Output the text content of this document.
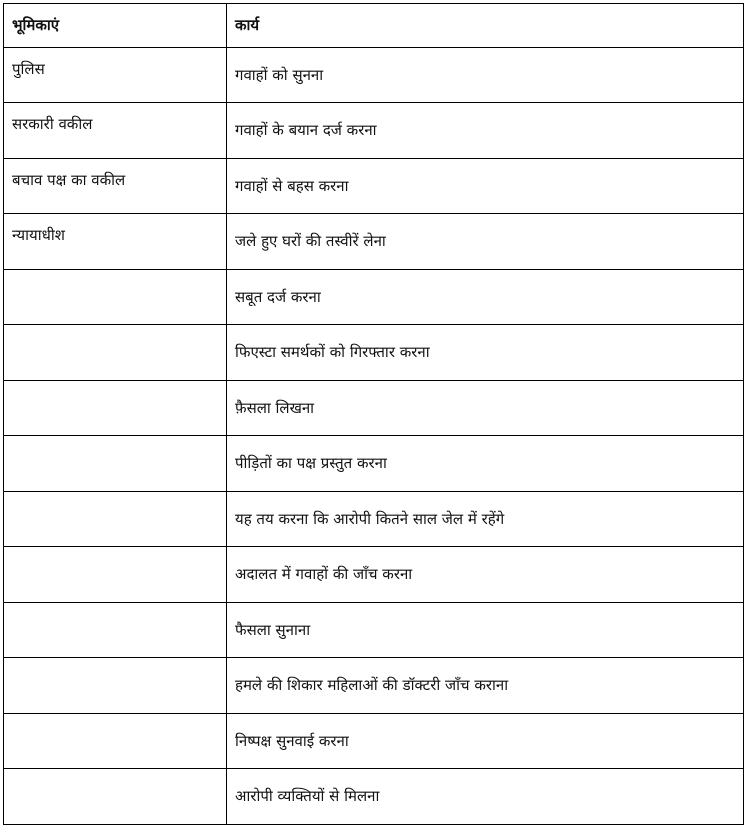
भूमिकाएं	कार्य
पुलिस	गवाहों को सुनना
सरकारी वकील	गवाहों के बयान दर्ज करना
बचाव पक्ष का वकील	गवाहों से बहस करना
न्यायाधीश	जले हुए घरों की तस्वीरें लेना
	सबूत दर्ज करना
	फिएस्टा समर्थकों को गिरफ्तार करना
	फ़ैसला लिखना
	पीड़ितों का पक्ष प्रस्तुत करना
	यह तय करना कि आरोपी कितने साल जेल में रहेंगे
	अदालत में गवाहों की जाँच करना
	फैसला सुनाना
	हमले की शिकार महिलाओं की डॉक्टरी जाँच कराना
	निष्पक्ष सुनवाई करना
	आरोपी व्यक्तियों से मिलना
